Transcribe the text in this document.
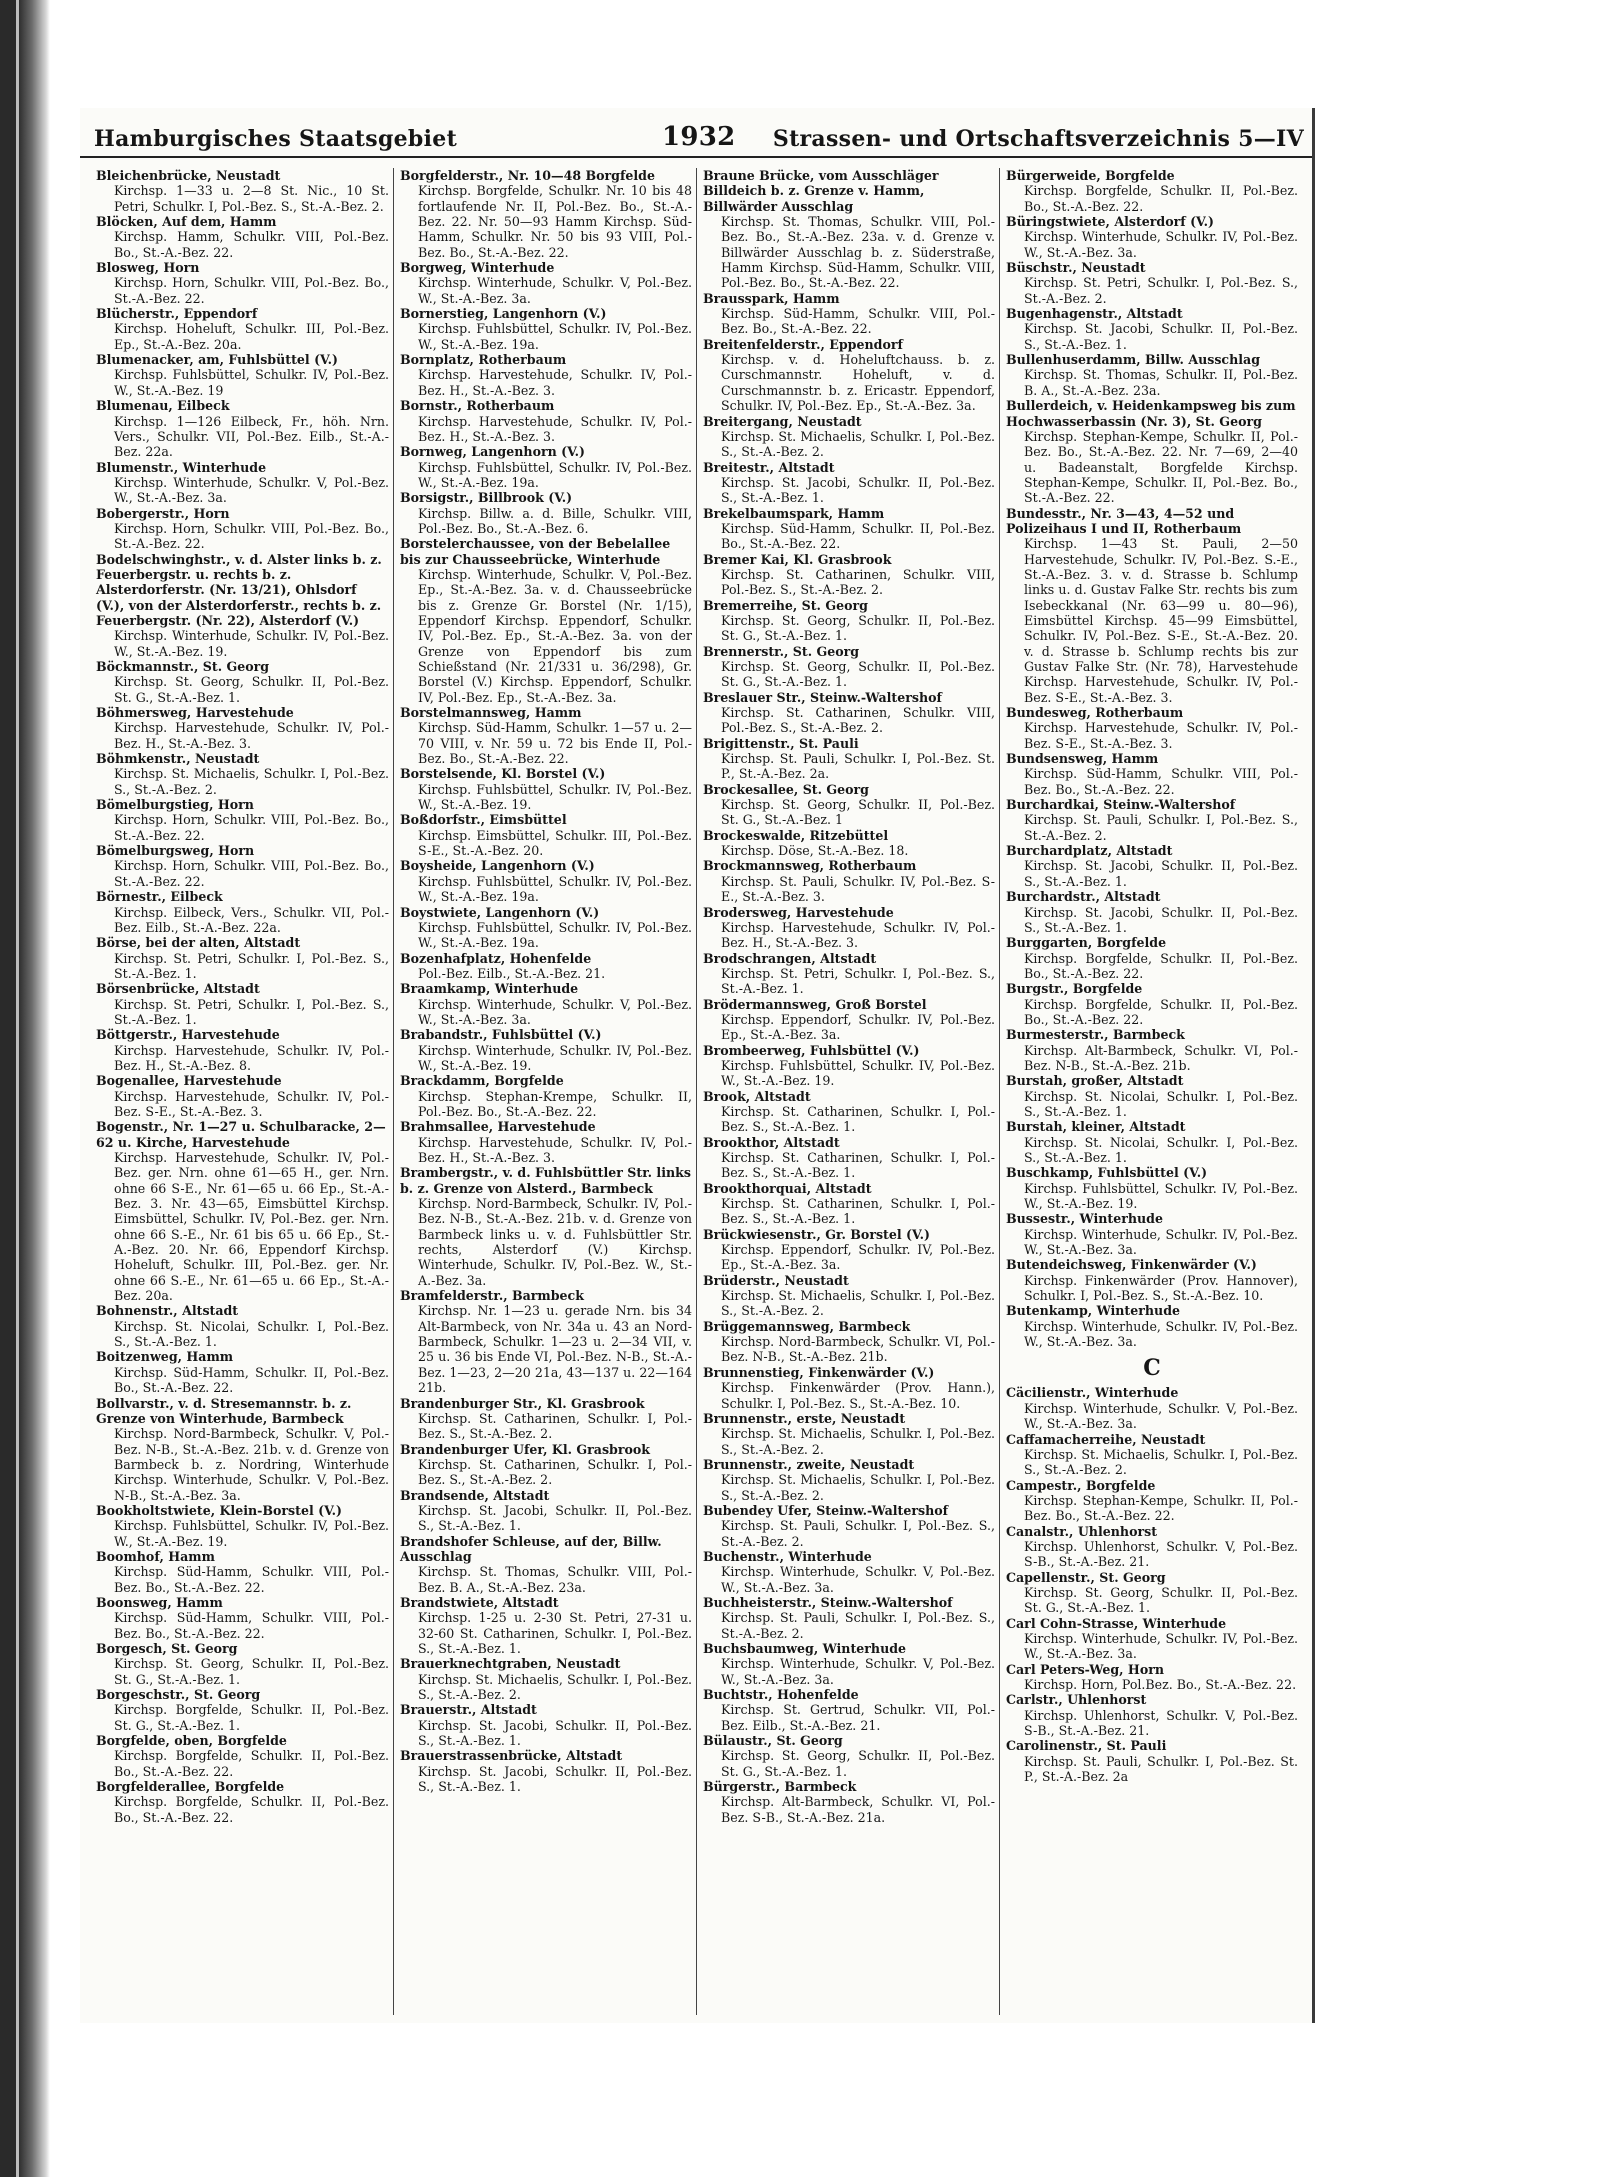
Hamburgisches Staatsgebiet	1932 Strassen- und Ortschaftsverzeichnis 5—IV

Bleichenbrücke, Neustadt
Kirchsp. 1—33 u. 2—8 St. Nic., 10 St. Petri, Schulkr. I, Pol.-Bez. S., St.-A.-Bez. 2.

Blöcken, Auf dem, Hamm
Kirchsp. Hamm, Schulkr. VIII, Pol.-Bez. Bo., St.-A.-Bez. 22.

Blosweg, Horn
Kirchsp. Horn, Schulkr. VIII, Pol.-Bez. Bo., St.-A.-Bez. 22.

Blücherstr., Eppendorf
Kirchsp. Hoheluft, Schulkr. III, Pol.-Bez. Ep., St.-A.-Bez. 20a.

Blumenacker, am, Fuhlsbüttel (V.)
Kirchsp. Fuhlsbüttel, Schulkr. IV, Pol.-Bez. W., St.-A.-Bez. 19

Blumenau, Eilbeck
Kirchsp. 1—126 Eilbeck, Fr., höh. Nrn. Vers., Schulkr. VII, Pol.-Bez. Eilb., St.-A.-Bez. 22a.

Blumenstr., Winterhude
Kirchsp. Winterhude, Schulkr. V, Pol.-Bez. W., St.-A.-Bez. 3a.

Bobergerstr., Horn
Kirchsp. Horn, Schulkr. VIII, Pol.-Bez. Bo., St.-A.-Bez. 22.

Bodelschwinghstr., v. d. Alster links b. z. Feuerbergstr. u. rechts b. z. Alsterdorferstr. (Nr. 13/21), Ohlsdorf (V.), von der Alsterdorferstr., rechts b. z. Feuerbergstr. (Nr. 22), Alsterdorf (V.)
Kirchsp. Winterhude, Schulkr. IV, Pol.-Bez. W., St.-A.-Bez. 19.

Böckmannstr., St. Georg
Kirchsp. St. Georg, Schulkr. II, Pol.-Bez. St. G., St.-A.-Bez. 1.

Böhmersweg, Harvestehude
Kirchsp. Harvestehude, Schulkr. IV, Pol.-Bez. H., St.-A.-Bez. 3.

Böhmkenstr., Neustadt
Kirchsp. St. Michaelis, Schulkr. I, Pol.-Bez. S., St.-A.-Bez. 2.

Bömelburgstieg, Horn
Kirchsp. Horn, Schulkr. VIII, Pol.-Bez. Bo., St.-A.-Bez. 22.

Bömelburgsweg, Horn
Kirchsp. Horn, Schulkr. VIII, Pol.-Bez. Bo., St.-A.-Bez. 22.

Börnestr., Eilbeck
Kirchsp. Eilbeck, Vers., Schulkr. VII, Pol.-Bez. Eilb., St.-A.-Bez. 22a.

Börse, bei der alten, Altstadt
Kirchsp. St. Petri, Schulkr. I, Pol.-Bez. S., St.-A.-Bez. 1.

Börsenbrücke, Altstadt
Kirchsp. St. Petri, Schulkr. I, Pol.-Bez. S., St.-A.-Bez. 1.

Böttgerstr., Harvestehude
Kirchsp. Harvestehude, Schulkr. IV, Pol.-Bez. H., St.-A.-Bez. 8.

Bogenallee, Harvestehude
Kirchsp. Harvestehude, Schulkr. IV, Pol.-Bez. S-E., St.-A.-Bez. 3.

Bogenstr., Nr. 1—27 u. Schulbaracke, 2—62 u. Kirche, Harvestehude
Kirchsp. Harvestehude, Schulkr. IV, Pol.-Bez. ger. Nrn. ohne 61—65 H., ger. Nrn. ohne 66 S-E., Nr. 61—65 u. 66 Ep., St.-A.-Bez. 3. Nr. 43—65, Eimsbüttel Kirchsp. Eimsbüttel, Schulkr. IV, Pol.-Bez. ger. Nrn. ohne 66 S.-E., Nr. 61 bis 65 u. 66 Ep., St.-A.-Bez. 20. Nr. 66, Eppendorf Kirchsp. Hoheluft, Schulkr. III, Pol.-Bez. ger. Nr. ohne 66 S.-E., Nr. 61—65 u. 66 Ep., St.-A.-Bez. 20a.

Bohnenstr., Altstadt
Kirchsp. St. Nicolai, Schulkr. I, Pol.-Bez. S., St.-A.-Bez. 1.

Boitzenweg, Hamm
Kirchsp. Süd-Hamm, Schulkr. II, Pol.-Bez. Bo., St.-A.-Bez. 22.

Bollvarstr., v. d. Stresemannstr. b. z. Grenze von Winterhude, Barmbeck
Kirchsp. Nord-Barmbeck, Schulkr. V, Pol.-Bez. N-B., St.-A.-Bez. 21b. v. d. Grenze von Barmbeck b. z. Nordring, Winterhude Kirchsp. Winterhude, Schulkr. V, Pol.-Bez. N-B., St.-A.-Bez. 3a.

Bookholtstwiete, Klein-Borstel (V.)
Kirchsp. Fuhlsbüttel, Schulkr. IV, Pol.-Bez. W., St.-A.-Bez. 19.

Boomhof, Hamm
Kirchsp. Süd-Hamm, Schulkr. VIII, Pol.-Bez. Bo., St.-A.-Bez. 22.

Boonsweg, Hamm
Kirchsp. Süd-Hamm, Schulkr. VIII, Pol.-Bez. Bo., St.-A.-Bez. 22.

Borgesch, St. Georg
Kirchsp. St. Georg, Schulkr. II, Pol.-Bez. St. G., St.-A.-Bez. 1.

Borgeschstr., St. Georg
Kirchsp. Borgfelde, Schulkr. II, Pol.-Bez. St. G., St.-A.-Bez. 1.

Borgfelde, oben, Borgfelde
Kirchsp. Borgfelde, Schulkr. II, Pol.-Bez. Bo., St.-A.-Bez. 22.

Borgfelderallee, Borgfelde
Kirchsp. Borgfelde, Schulkr. II, Pol.-Bez. Bo., St.-A.-Bez. 22.

Borgfelderstr., Nr. 10—48 Borgfelde
Kirchsp. Borgfelde, Schulkr. Nr. 10 bis 48 fortlaufende Nr. II, Pol.-Bez. Bo., St.-A.-Bez. 22. Nr. 50—93 Hamm Kirchsp. Süd-Hamm, Schulkr. Nr. 50 bis 93 VIII, Pol.-Bez. Bo., St.-A.-Bez. 22.

Borgweg, Winterhude
Kirchsp. Winterhude, Schulkr. V, Pol.-Bez. W., St.-A.-Bez. 3a.

Bornerstieg, Langenhorn (V.)
Kirchsp. Fuhlsbüttel, Schulkr. IV, Pol.-Bez. W., St.-A.-Bez. 19a.

Bornplatz, Rotherbaum
Kirchsp. Harvestehude, Schulkr. IV, Pol.-Bez. H., St.-A.-Bez. 3.

Bornstr., Rotherbaum
Kirchsp. Harvestehude, Schulkr. IV, Pol.-Bez. H., St.-A.-Bez. 3.

Bornweg, Langenhorn (V.)
Kirchsp. Fuhlsbüttel, Schulkr. IV, Pol.-Bez. W., St.-A.-Bez. 19a.

Borsigstr., Billbrook (V.)
Kirchsp. Billw. a. d. Bille, Schulkr. VIII, Pol.-Bez. Bo., St.-A.-Bez. 6.

Borstelerchaussee, von der Bebelallee bis zur Chausseebrücke, Winterhude
Kirchsp. Winterhude, Schulkr. V, Pol.-Bez. Ep., St.-A.-Bez. 3a. v. d. Chausseebrücke bis z. Grenze Gr. Borstel (Nr. 1/15), Eppendorf Kirchsp. Eppendorf, Schulkr. IV, Pol.-Bez. Ep., St.-A.-Bez. 3a. von der Grenze von Eppendorf bis zum Schießstand (Nr. 21/331 u. 36/298), Gr. Borstel (V.) Kirchsp. Eppendorf, Schulkr. IV, Pol.-Bez. Ep., St.-A.-Bez. 3a.

Borstelmannsweg, Hamm
Kirchsp. Süd-Hamm, Schulkr. 1—57 u. 2—70 VIII, v. Nr. 59 u. 72 bis Ende II, Pol.-Bez. Bo., St.-A.-Bez. 22.

Borstelsende, Kl. Borstel (V.)
Kirchsp. Fuhlsbüttel, Schulkr. IV, Pol.-Bez. W., St.-A.-Bez. 19.

Boßdorfstr., Eimsbüttel
Kirchsp. Eimsbüttel, Schulkr. III, Pol.-Bez. S-E., St.-A.-Bez. 20.

Boysheide, Langenhorn (V.)
Kirchsp. Fuhlsbüttel, Schulkr. IV, Pol.-Bez. W., St.-A.-Bez. 19a.

Boystwiete, Langenhorn (V.)
Kirchsp. Fuhlsbüttel, Schulkr. IV, Pol.-Bez. W., St.-A.-Bez. 19a.

Bozenhafplatz, Hohenfelde
Pol.-Bez. Eilb., St.-A.-Bez. 21.

Braamkamp, Winterhude
Kirchsp. Winterhude, Schulkr. V, Pol.-Bez. W., St.-A.-Bez. 3a.

Brabandstr., Fuhlsbüttel (V.)
Kirchsp. Winterhude, Schulkr. IV, Pol.-Bez. W., St.-A.-Bez. 19.

Brackdamm, Borgfelde
Kirchsp. Stephan-Krempe, Schulkr. II, Pol.-Bez. Bo., St.-A.-Bez. 22.

Brahmsallee, Harvestehude
Kirchsp. Harvestehude, Schulkr. IV, Pol.-Bez. H., St.-A.-Bez. 3.

Brambergstr., v. d. Fuhlsbüttler Str. links b. z. Grenze von Alsterd., Barmbeck
Kirchsp. Nord-Barmbeck, Schulkr. IV, Pol.-Bez. N-B., St.-A.-Bez. 21b. v. d. Grenze von Barmbeck links u. v. d. Fuhlsbüttler Str. rechts, Alsterdorf (V.) Kirchsp. Winterhude, Schulkr. IV, Pol.-Bez. W., St.-A.-Bez. 3a.

Bramfelderstr., Barmbeck
Kirchsp. Nr. 1—23 u. gerade Nrn. bis 34 Alt-Barmbeck, von Nr. 34a u. 43 an Nord-Barmbeck, Schulkr. 1—23 u. 2—34 VII, v. 25 u. 36 bis Ende VI, Pol.-Bez. N-B., St.-A.-Bez. 1—23, 2—20 21a, 43—137 u. 22—164 21b.

Brandenburger Str., Kl. Grasbrook
Kirchsp. St. Catharinen, Schulkr. I, Pol.-Bez. S., St.-A.-Bez. 2.

Brandenburger Ufer, Kl. Grasbrook
Kirchsp. St. Catharinen, Schulkr. I, Pol.-Bez. S., St.-A.-Bez. 2.

Brandsende, Altstadt
Kirchsp. St. Jacobi, Schulkr. II, Pol.-Bez. S., St.-A.-Bez. 1.

Brandshofer Schleuse, auf der, Billw. Ausschlag
Kirchsp. St. Thomas, Schulkr. VIII, Pol.-Bez. B. A., St.-A.-Bez. 23a.

Brandstwiete, Altstadt
Kirchsp. 1-25 u. 2-30 St. Petri, 27-31 u. 32-60 St. Catharinen, Schulkr. I, Pol.-Bez. S., St.-A.-Bez. 1.

Brauerknechtgraben, Neustadt
Kirchsp. St. Michaelis, Schulkr. I, Pol.-Bez. S., St.-A.-Bez. 2.

Brauerstr., Altstadt
Kirchsp. St. Jacobi, Schulkr. II, Pol.-Bez. S., St.-A.-Bez. 1.

Brauerstrassenbrücke, Altstadt
Kirchsp. St. Jacobi, Schulkr. II, Pol.-Bez. S., St.-A.-Bez. 1.

Braune Brücke, vom Ausschläger Billdeich b. z. Grenze v. Hamm, Billwärder Ausschlag
Kirchsp. St. Thomas, Schulkr. VIII, Pol.-Bez. Bo., St.-A.-Bez. 23a. v. d. Grenze v. Billwärder Ausschlag b. z. Süderstraße, Hamm Kirchsp. Süd-Hamm, Schulkr. VIII, Pol.-Bez. Bo., St.-A.-Bez. 22.

Brausspark, Hamm
Kirchsp. Süd-Hamm, Schulkr. VIII, Pol.-Bez. Bo., St.-A.-Bez. 22.

Breitenfelderstr., Eppendorf
Kirchsp. v. d. Hoheluftchauss. b. z. Curschmannstr. Hoheluft, v. d. Curschmannstr. b. z. Ericastr. Eppendorf, Schulkr. IV, Pol.-Bez. Ep., St.-A.-Bez. 3a.

Breitergang, Neustadt
Kirchsp. St. Michaelis, Schulkr. I, Pol.-Bez. S., St.-A.-Bez. 2.

Breitestr., Altstadt
Kirchsp. St. Jacobi, Schulkr. II, Pol.-Bez. S., St.-A.-Bez. 1.

Brekelbaumspark, Hamm
Kirchsp. Süd-Hamm, Schulkr. II, Pol.-Bez. Bo., St.-A.-Bez. 22.

Bremer Kai, Kl. Grasbrook
Kirchsp. St. Catharinen, Schulkr. VIII, Pol.-Bez. S., St.-A.-Bez. 2.

Bremerreihe, St. Georg
Kirchsp. St. Georg, Schulkr. II, Pol.-Bez. St. G., St.-A.-Bez. 1.

Brennerstr., St. Georg
Kirchsp. St. Georg, Schulkr. II, Pol.-Bez. St. G., St.-A.-Bez. 1.

Breslauer Str., Steinw.-Waltershof
Kirchsp. St. Catharinen, Schulkr. VIII, Pol.-Bez. S., St.-A.-Bez. 2.

Brigittenstr., St. Pauli
Kirchsp. St. Pauli, Schulkr. I, Pol.-Bez. St. P., St.-A.-Bez. 2a.

Brockesallee, St. Georg
Kirchsp. St. Georg, Schulkr. II, Pol.-Bez. St. G., St.-A.-Bez. 1

Brockeswalde, Ritzebüttel
Kirchsp. Döse, St.-A.-Bez. 18.

Brockmannsweg, Rotherbaum
Kirchsp. St. Pauli, Schulkr. IV, Pol.-Bez. S-E., St.-A.-Bez. 3.

Brodersweg, Harvestehude
Kirchsp. Harvestehude, Schulkr. IV, Pol.-Bez. H., St.-A.-Bez. 3.

Brodschrangen, Altstadt
Kirchsp. St. Petri, Schulkr. I, Pol.-Bez. S., St.-A.-Bez. 1.

Brödermannsweg, Groß Borstel
Kirchsp. Eppendorf, Schulkr. IV, Pol.-Bez. Ep., St.-A.-Bez. 3a.

Brombeerweg, Fuhlsbüttel (V.)
Kirchsp. Fuhlsbüttel, Schulkr. IV, Pol.-Bez. W., St.-A.-Bez. 19.

Brook, Altstadt
Kirchsp. St. Catharinen, Schulkr. I, Pol.-Bez. S., St.-A.-Bez. 1.

Brookthor, Altstadt
Kirchsp. St. Catharinen, Schulkr. I, Pol.-Bez. S., St.-A.-Bez. 1.

Brookthorquai, Altstadt
Kirchsp. St. Catharinen, Schulkr. I, Pol.-Bez. S., St.-A.-Bez. 1.

Brückwiesenstr., Gr. Borstel (V.)
Kirchsp. Eppendorf, Schulkr. IV, Pol.-Bez. Ep., St.-A.-Bez. 3a.

Brüderstr., Neustadt
Kirchsp. St. Michaelis, Schulkr. I, Pol.-Bez. S., St.-A.-Bez. 2.

Brüggemannsweg, Barmbeck
Kirchsp. Nord-Barmbeck, Schulkr. VI, Pol.-Bez. N-B., St.-A.-Bez. 21b.

Brunnenstieg, Finkenwärder (V.)
Kirchsp. Finkenwärder (Prov. Hann.), Schulkr. I, Pol.-Bez. S., St.-A.-Bez. 10.

Brunnenstr., erste, Neustadt
Kirchsp. St. Michaelis, Schulkr. I, Pol.-Bez. S., St.-A.-Bez. 2.

Brunnenstr., zweite, Neustadt
Kirchsp. St. Michaelis, Schulkr. I, Pol.-Bez. S., St.-A.-Bez. 2.

Bubendey Ufer, Steinw.-Waltershof
Kirchsp. St. Pauli, Schulkr. I, Pol.-Bez. S., St.-A.-Bez. 2.

Buchenstr., Winterhude
Kirchsp. Winterhude, Schulkr. V, Pol.-Bez. W., St.-A.-Bez. 3a.

Buchheisterstr., Steinw.-Waltershof
Kirchsp. St. Pauli, Schulkr. I, Pol.-Bez. S., St.-A.-Bez. 2.

Buchsbaumweg, Winterhude
Kirchsp. Winterhude, Schulkr. V, Pol.-Bez. W., St.-A.-Bez. 3a.

Buchtstr., Hohenfelde
Kirchsp. St. Gertrud, Schulkr. VII, Pol.-Bez. Eilb., St.-A.-Bez. 21.

Bülaustr., St. Georg
Kirchsp. St. Georg, Schulkr. II, Pol.-Bez. St. G., St.-A.-Bez. 1.

Bürgerstr., Barmbeck
Kirchsp. Alt-Barmbeck, Schulkr. VI, Pol.-Bez. S-B., St.-A.-Bez. 21a.

Bürgerweide, Borgfelde
Kirchsp. Borgfelde, Schulkr. II, Pol.-Bez. Bo., St.-A.-Bez. 22.

Büringstwiete, Alsterdorf (V.)
Kirchsp. Winterhude, Schulkr. IV, Pol.-Bez. W., St.-A.-Bez. 3a.

Büschstr., Neustadt
Kirchsp. St. Petri, Schulkr. I, Pol.-Bez. S., St.-A.-Bez. 2.

Bugenhagenstr., Altstadt
Kirchsp. St. Jacobi, Schulkr. II, Pol.-Bez. S., St.-A.-Bez. 1.

Bullenhuserdamm, Billw. Ausschlag
Kirchsp. St. Thomas, Schulkr. II, Pol.-Bez. B. A., St.-A.-Bez. 23a.

Bullerdeich, v. Heidenkampsweg bis zum Hochwasserbassin (Nr. 3), St. Georg
Kirchsp. Stephan-Kempe, Schulkr. II, Pol.-Bez. Bo., St.-A.-Bez. 22. Nr. 7—69, 2—40 u. Badeanstalt, Borgfelde Kirchsp. Stephan-Kempe, Schulkr. II, Pol.-Bez. Bo., St.-A.-Bez. 22.

Bundesstr., Nr. 3—43, 4—52 und Polizeihaus I und II, Rotherbaum
Kirchsp. 1—43 St. Pauli, 2—50 Harvestehude, Schulkr. IV, Pol.-Bez. S.-E., St.-A.-Bez. 3. v. d. Strasse b. Schlump links u. d. Gustav Falke Str. rechts bis zum Isebeckkanal (Nr. 63—99 u. 80—96), Eimsbüttel Kirchsp. 45—99 Eimsbüttel, Schulkr. IV, Pol.-Bez. S-E., St.-A.-Bez. 20. v. d. Strasse b. Schlump rechts bis zur Gustav Falke Str. (Nr. 78), Harvestehude Kirchsp. Harvestehude, Schulkr. IV, Pol.-Bez. S-E., St.-A.-Bez. 3.

Bundesweg, Rotherbaum
Kirchsp. Harvestehude, Schulkr. IV, Pol.-Bez. S-E., St.-A.-Bez. 3.

Bundsensweg, Hamm
Kirchsp. Süd-Hamm, Schulkr. VIII, Pol.-Bez. Bo., St.-A.-Bez. 22.

Burchardkai, Steinw.-Waltershof
Kirchsp. St. Pauli, Schulkr. I, Pol.-Bez. S., St.-A.-Bez. 2.

Burchardplatz, Altstadt
Kirchsp. St. Jacobi, Schulkr. II, Pol.-Bez. S., St.-A.-Bez. 1.

Burchardstr., Altstadt
Kirchsp. St. Jacobi, Schulkr. II, Pol.-Bez. S., St.-A.-Bez. 1.

Burggarten, Borgfelde
Kirchsp. Borgfelde, Schulkr. II, Pol.-Bez. Bo., St.-A.-Bez. 22.

Burgstr., Borgfelde
Kirchsp. Borgfelde, Schulkr. II, Pol.-Bez. Bo., St.-A.-Bez. 22.

Burmesterstr., Barmbeck
Kirchsp. Alt-Barmbeck, Schulkr. VI, Pol.-Bez. N-B., St.-A.-Bez. 21b.

Burstah, großer, Altstadt
Kirchsp. St. Nicolai, Schulkr. I, Pol.-Bez. S., St.-A.-Bez. 1.

Burstah, kleiner, Altstadt
Kirchsp. St. Nicolai, Schulkr. I, Pol.-Bez. S., St.-A.-Bez. 1.

Buschkamp, Fuhlsbüttel (V.)
Kirchsp. Fuhlsbüttel, Schulkr. IV, Pol.-Bez. W., St.-A.-Bez. 19.

Bussestr., Winterhude
Kirchsp. Winterhude, Schulkr. IV, Pol.-Bez. W., St.-A.-Bez. 3a.

Butendeichsweg, Finkenwärder (V.)
Kirchsp. Finkenwärder (Prov. Hannover), Schulkr. I, Pol.-Bez. S., St.-A.-Bez. 10.

Butenkamp, Winterhude
Kirchsp. Winterhude, Schulkr. IV, Pol.-Bez. W., St.-A.-Bez. 3a.

C

Cäcilienstr., Winterhude
Kirchsp. Winterhude, Schulkr. V, Pol.-Bez. W., St.-A.-Bez. 3a.

Caffamacherreihe, Neustadt
Kirchsp. St. Michaelis, Schulkr. I, Pol.-Bez. S., St.-A.-Bez. 2.

Campestr., Borgfelde
Kirchsp. Stephan-Kempe, Schulkr. II, Pol.-Bez. Bo., St.-A.-Bez. 22.

Canalstr., Uhlenhorst
Kirchsp. Uhlenhorst, Schulkr. V, Pol.-Bez. S-B., St.-A.-Bez. 21.

Capellenstr., St. Georg
Kirchsp. St. Georg, Schulkr. II, Pol.-Bez. St. G., St.-A.-Bez. 1.

Carl Cohn-Strasse, Winterhude
Kirchsp. Winterhude, Schulkr. IV, Pol.-Bez. W., St.-A.-Bez. 3a.

Carl Peters-Weg, Horn
Kirchsp. Horn, Pol.Bez. Bo., St.-A.-Bez. 22.

Carlstr., Uhlenhorst
Kirchsp. Uhlenhorst, Schulkr. V, Pol.-Bez. S-B., St.-A.-Bez. 21.

Carolinenstr., St. Pauli
Kirchsp. St. Pauli, Schulkr. I, Pol.-Bez. St. P., St.-A.-Bez. 2a
